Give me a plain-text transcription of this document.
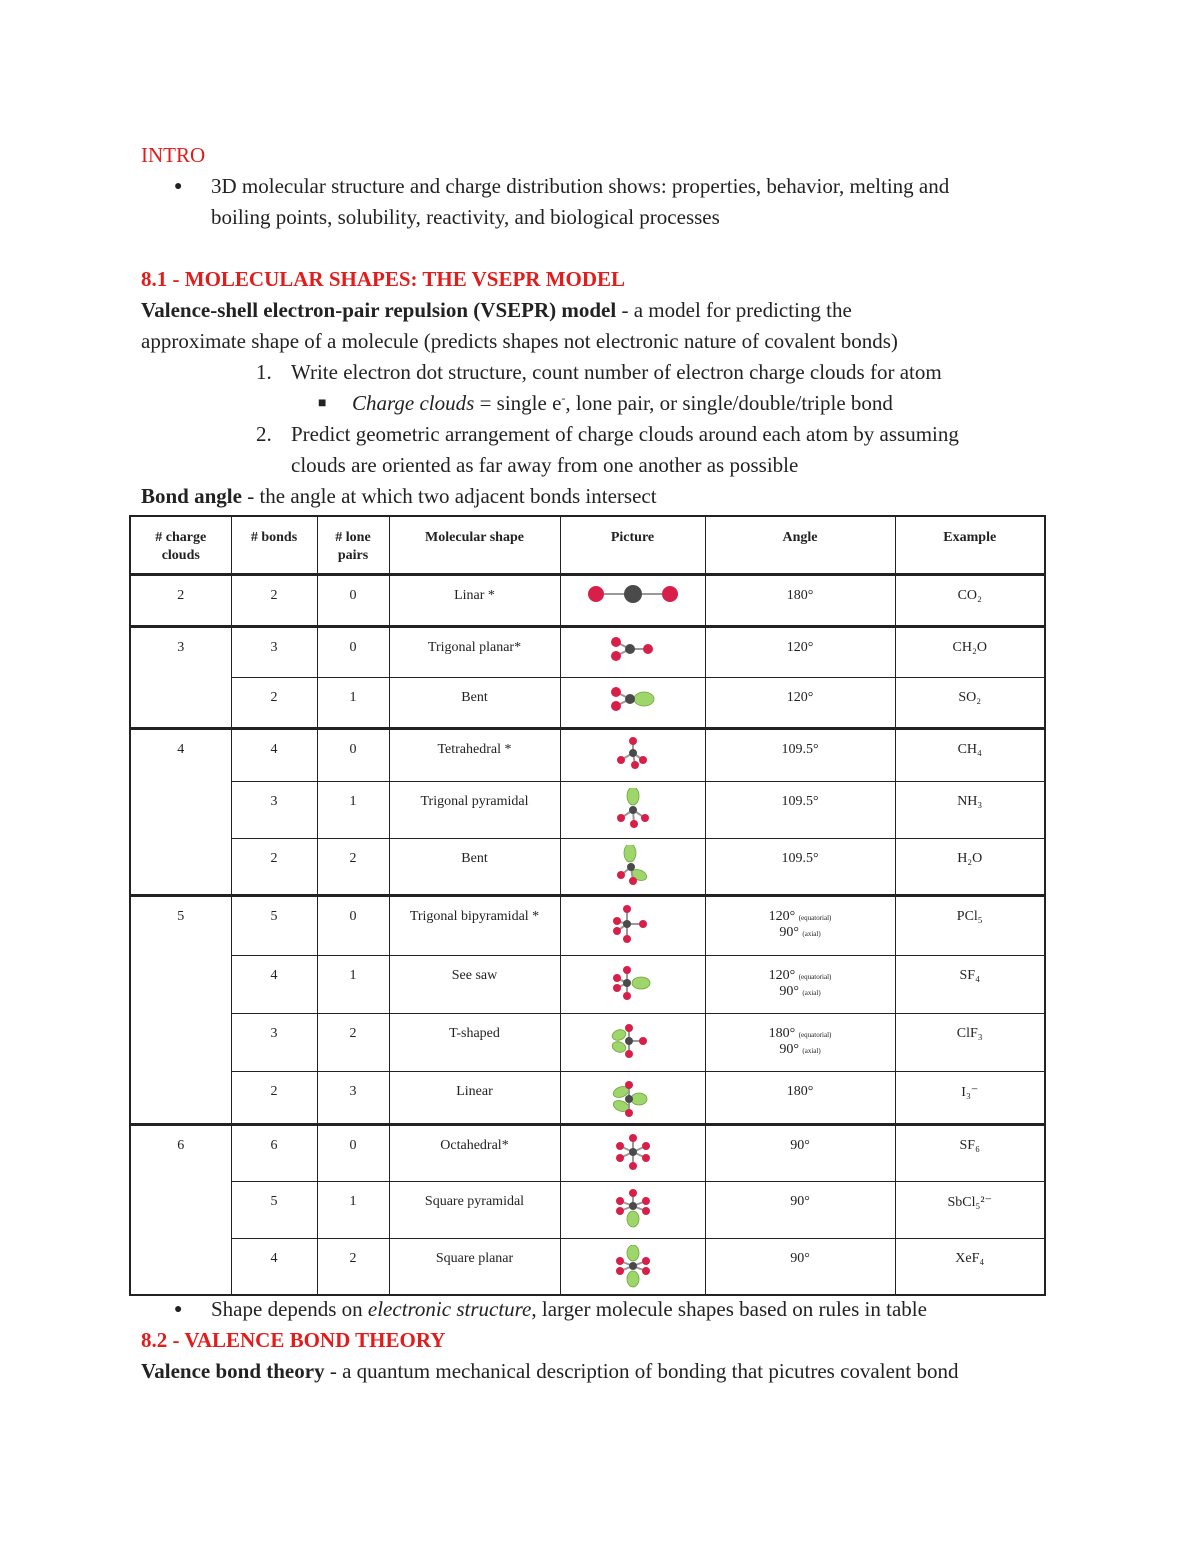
INTRO
● 3D molecular structure and charge distribution shows: properties, behavior, melting and
boiling points, solubility, reactivity, and biological processes
8.1 - MOLECULAR SHAPES: THE VSEPR MODEL
Valence-shell electron-pair repulsion (VSEPR) model - a model for predicting the
approximate shape of a molecule (predicts shapes not electronic nature of covalent bonds)
1. Write electron dot structure, count number of electron charge clouds for atom
■ Charge clouds = single e-, lone pair, or single/double/triple bond
2. Predict geometric arrangement of charge clouds around each atom by assuming
clouds are oriented as far away from one another as possible
Bond angle - the angle at which two adjacent bonds intersect
# charge clouds	# bonds	# lone pairs	Molecular shape	Picture	Angle	Example
2	2	0	Linar *		180°	CO₂
3	3	0	Trigonal planar*		120°	CH₂O
	2	1	Bent		120°	SO₂
4	4	0	Tetrahedral *		109.5°	CH₄
	3	1	Trigonal pyramidal		109.5°	NH₃
	2	2	Bent		109.5°	H₂O
5	5	0	Trigonal bipyramidal *		120° (equatorial)
90° (axial)	PCl₅
	4	1	See saw		120° (equatorial)
90° (axial)	SF₄
	3	2	T-shaped		180° (equatorial)
90° (axial)	ClF₃
	2	3	Linear		180°	I₃⁻
6	6	0	Octahedral*		90°	SF₆
	5	1	Square pyramidal		90°	SbCl₅²⁻
	4	2	Square planar		90°	XeF₄
● Shape depends on electronic structure, larger molecule shapes based on rules in table
8.2 - VALENCE BOND THEORY
Valence bond theory - a quantum mechanical description of bonding that picutres covalent bond
